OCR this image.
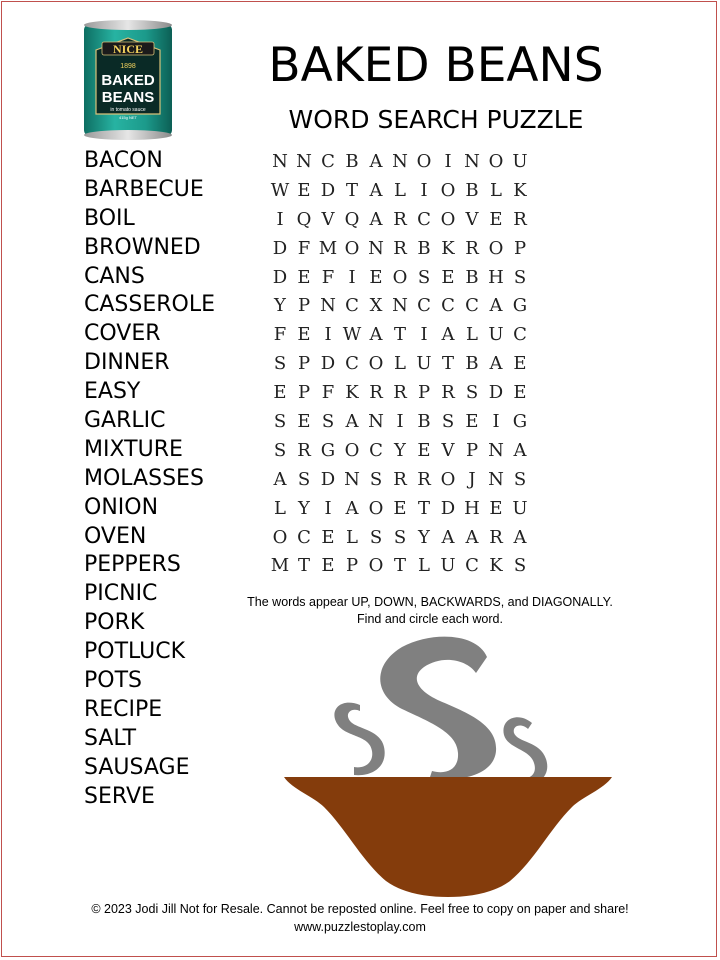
NICE
1898
BAKED
BEANS
in tomato sauce
415g NET
BAKED BEANS
WORD SEARCH PUZZLE
BACON
BARBECUE
BOIL
BROWNED
CANS
CASSEROLE
COVER
DINNER
EASY
GARLIC
MIXTURE
MOLASSES
ONION
OVEN
PEPPERS
PICNIC
PORK
POTLUCK
POTS
RECIPE
SALT
SAUSAGE
SERVE
N N C B A N O I N O U
W E D T A L I O B L K
I Q V Q A R C O V E R
D F M O N R B K R O P
D E F I E O S E B H S
Y P N C X N C C C A G
F E I W A T I A L U C
S P D C O L U T B A E
E P F K R R P R S D E
S E S A N I B S E I G
S R G O C Y E V P N A
A S D N S R R O J N S
L Y I A O E T D H E U
O C E L S S Y A A R A
M T E P O T L U C K S
The words appear UP, DOWN, BACKWARDS, and DIAGONALLY.
Find and circle each word.
© 2023 Jodi Jill Not for Resale. Cannot be reposted online. Feel free to copy on paper and share!
www.puzzlestoplay.com
